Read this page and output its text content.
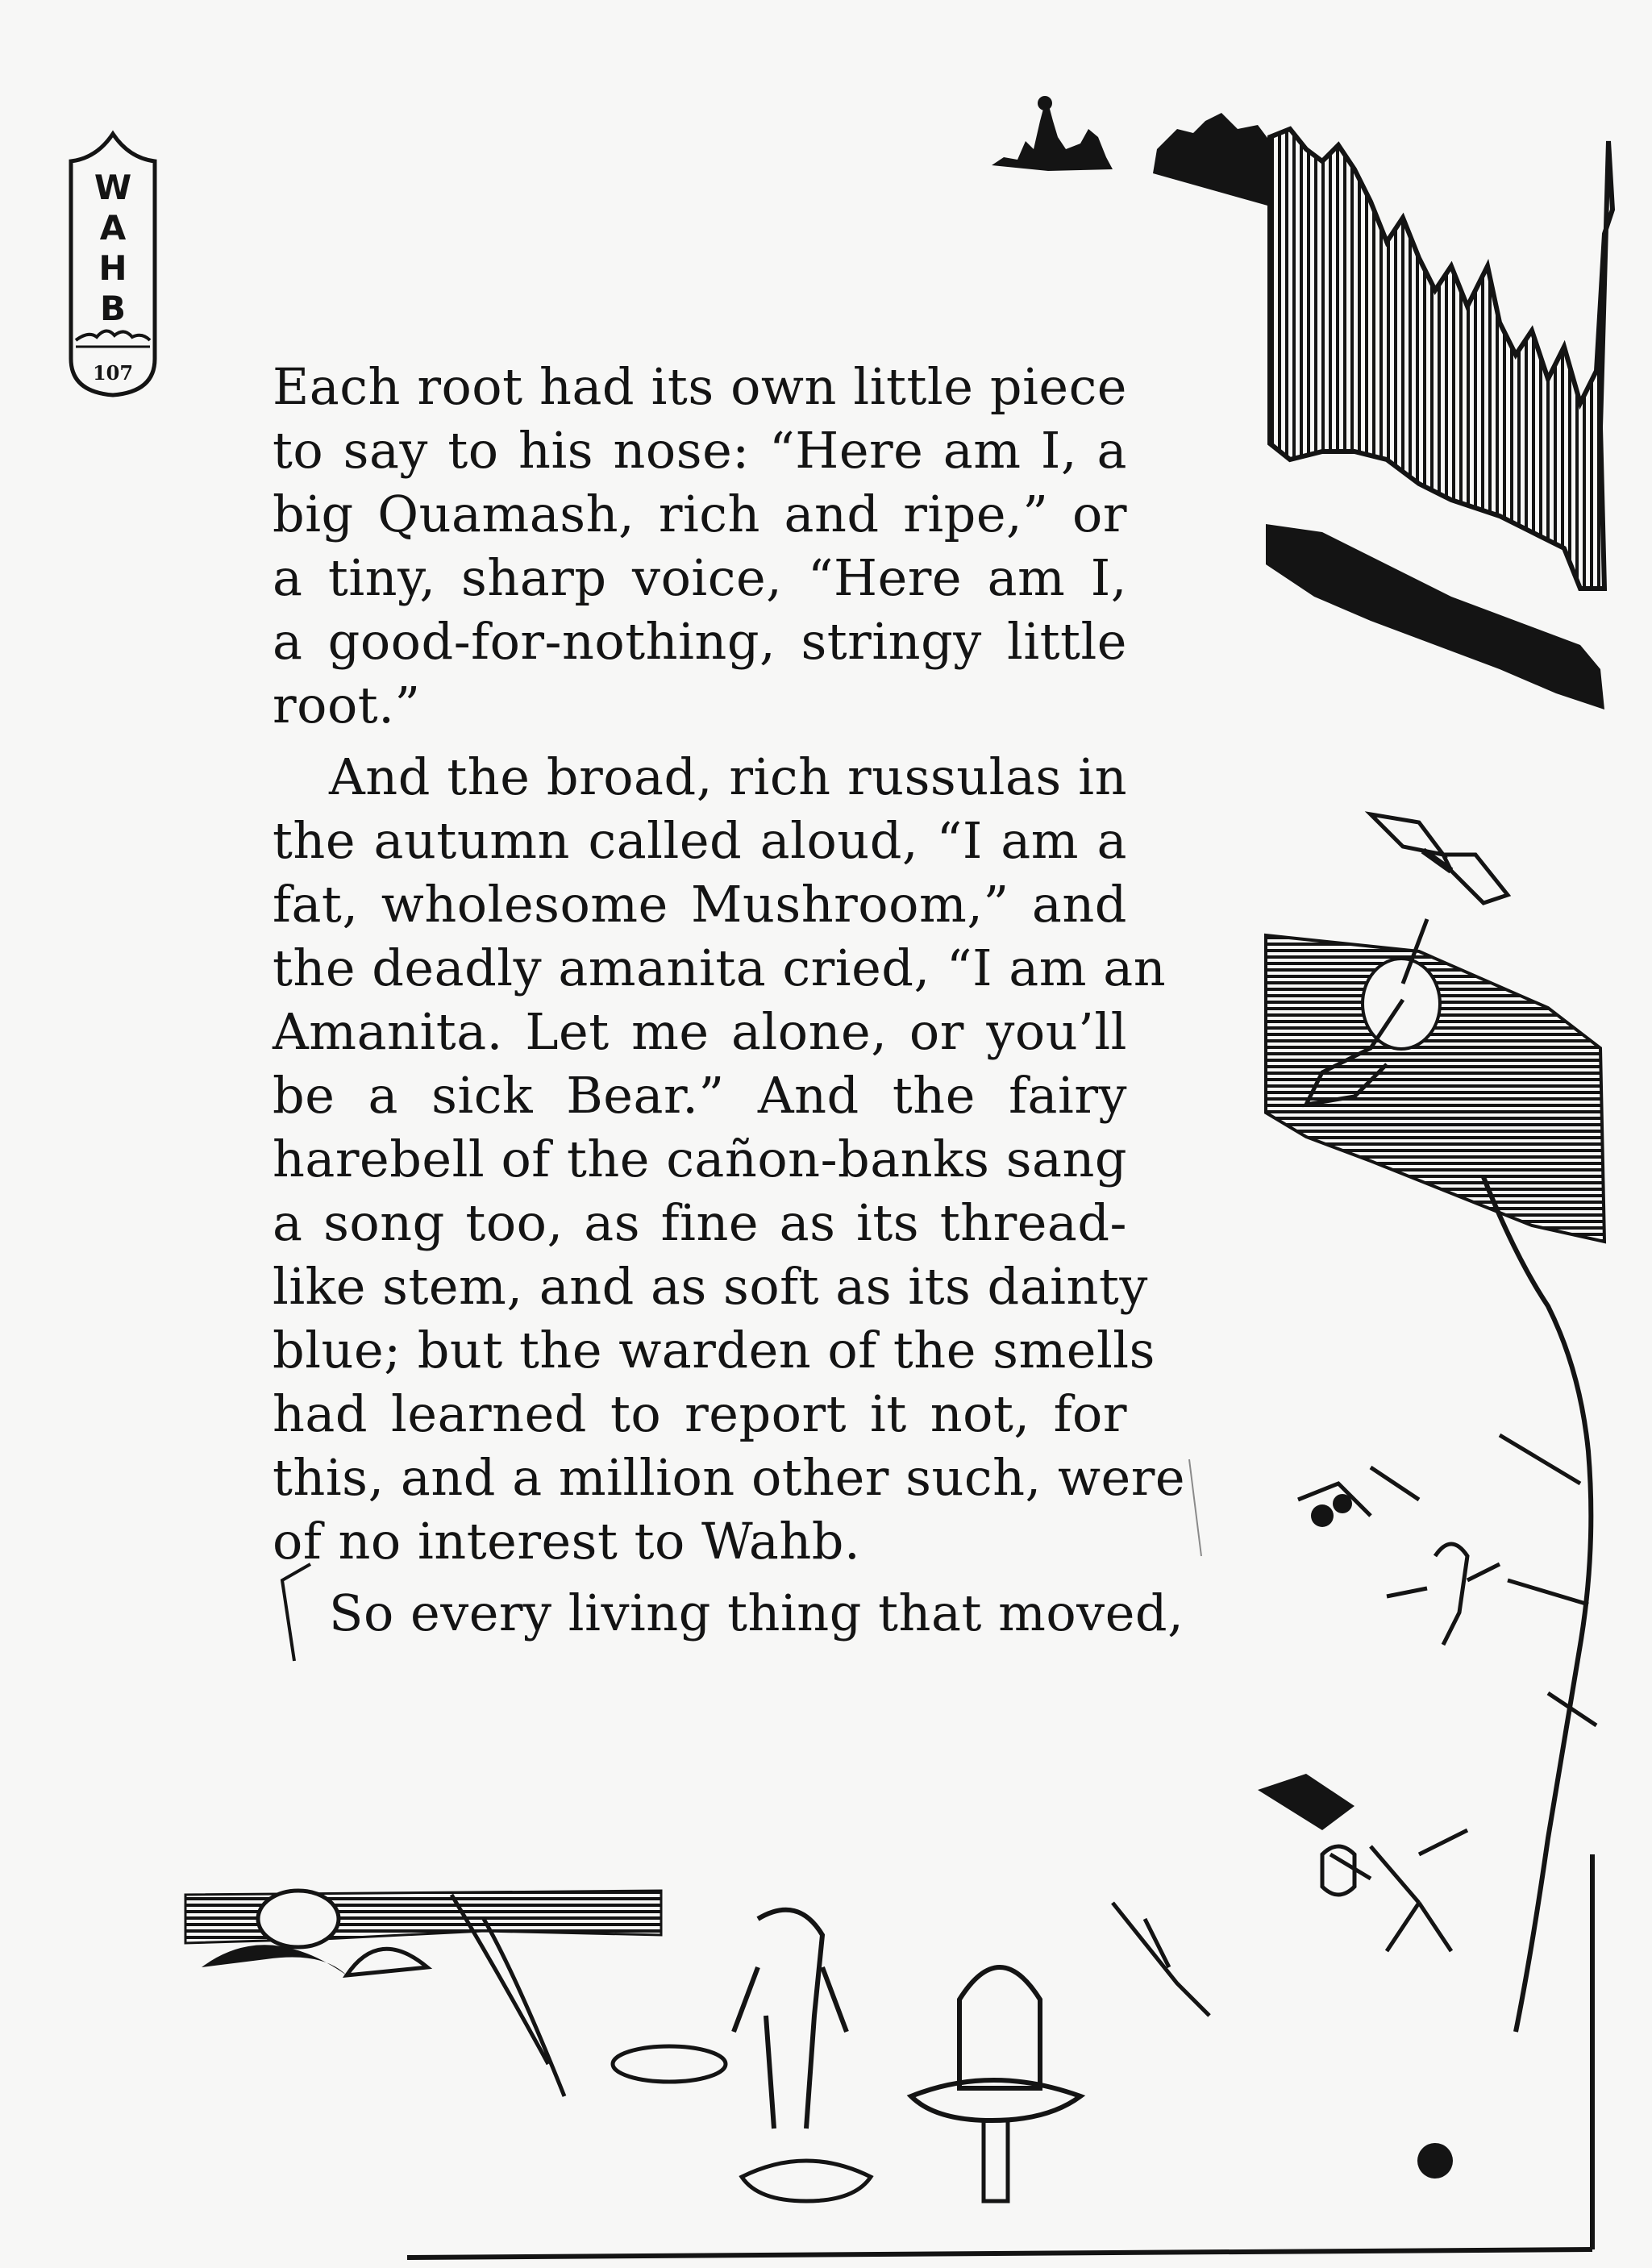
W
A
H
B
107	Each root had its own little piece
to say to his nose: “Here am I, a
big Quamash, rich and ripe,” or
a tiny, sharp voice, “Here am I,
a good-for-nothing, stringy little
root.”
And the broad, rich russulas in
the autumn called aloud, “I am a
fat, wholesome Mushroom,” and
the deadly amanita cried, “I am an
Amanita. Let me alone, or you’ll
be a sick Bear.” And the fairy
harebell of the cañon-banks sang
a song too, as fine as its thread-
like stem, and as soft as its dainty
blue; but the warden of the smells
had learned to report it not, for
this, and a million other such, were
of no interest to Wahb.
So every living thing that moved,
